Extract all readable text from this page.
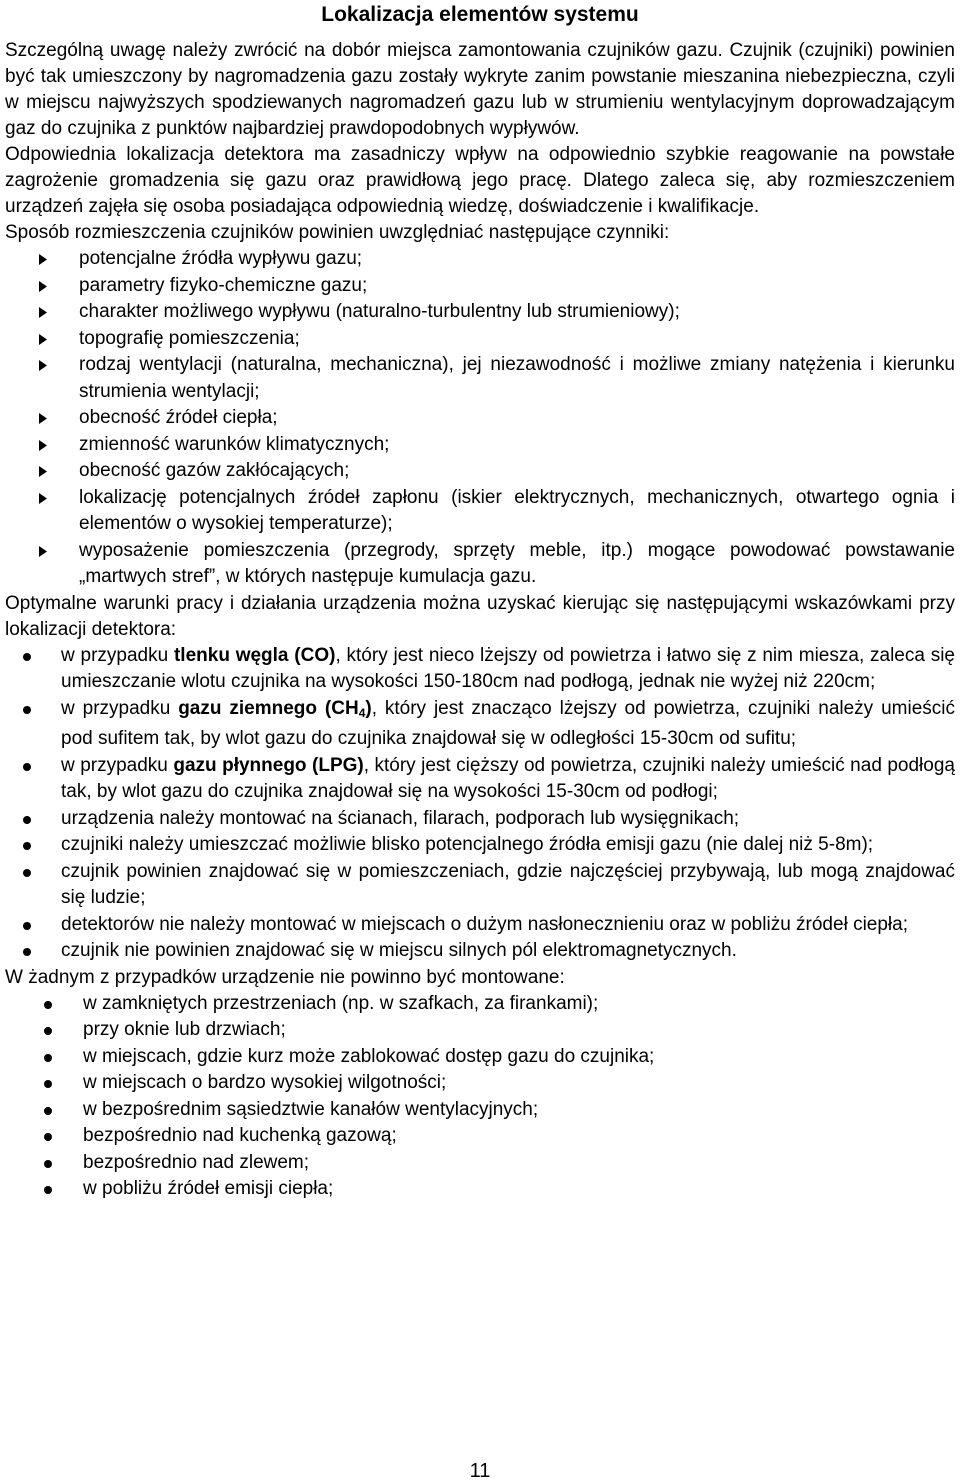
Lokalizacja elementów systemu

Szczególną uwagę należy zwrócić na dobór miejsca zamontowania czujników gazu. Czujnik (czujniki) powinien być tak umieszczony by nagromadzenia gazu zostały wykryte zanim powstanie mieszanina niebezpieczna, czyli w miejscu najwyższych spodziewanych nagromadzeń gazu lub w strumieniu wentylacyjnym doprowadzającym gaz do czujnika z punktów najbardziej prawdopodobnych wypływów.

Odpowiednia lokalizacja detektora ma zasadniczy wpływ na odpowiednio szybkie reagowanie na powstałe zagrożenie gromadzenia się gazu oraz prawidłową jego pracę. Dlatego zaleca się, aby rozmieszczeniem urządzeń zajęła się osoba posiadająca odpowiednią wiedzę, doświadczenie i kwalifikacje.

Sposób rozmieszczenia czujników powinien uwzględniać następujące czynniki:

potencjalne źródła wypływu gazu;
parametry fizyko-chemiczne gazu;
charakter możliwego wypływu (naturalno-turbulentny lub strumieniowy);
topografię pomieszczenia;
rodzaj wentylacji (naturalna, mechaniczna), jej niezawodność i możliwe zmiany natężenia i kierunku strumienia wentylacji;
obecność źródeł ciepła;
zmienność warunków klimatycznych;
obecność gazów zakłócających;
lokalizację potencjalnych źródeł zapłonu (iskier elektrycznych, mechanicznych, otwartego ognia i elementów o wysokiej temperaturze);
wyposażenie pomieszczenia (przegrody, sprzęty meble, itp.) mogące powodować powstawanie „martwych stref”, w których następuje kumulacja gazu.

Optymalne warunki pracy i działania urządzenia można uzyskać kierując się następującymi wskazówkami przy lokalizacji detektora:

w przypadku tlenku węgla (CO), który jest nieco lżejszy od powietrza i łatwo się z nim miesza, zaleca się umieszczanie wlotu czujnika na wysokości 150-180cm nad podłogą, jednak nie wyżej niż 220cm;
w przypadku gazu ziemnego $(CH_4)$, który jest znacząco lżejszy od powietrza, czujniki należy umieścić pod sufitem tak, by wlot gazu do czujnika znajdował się w odległości 15-30cm od sufitu;
w przypadku gazu płynnego (LPG), który jest cięższy od powietrza, czujniki należy umieścić nad podłogą tak, by wlot gazu do czujnika znajdował się na wysokości 15-30cm od podłogi;
urządzenia należy montować na ścianach, filarach, podporach lub wysięgnikach;
czujniki należy umieszczać możliwie blisko potencjalnego źródła emisji gazu (nie dalej niż 5-8m);
czujnik powinien znajdować się w pomieszczeniach, gdzie najczęściej przybywają, lub mogą znajdować się ludzie;
detektorów nie należy montować w miejscach o dużym nasłonecznieniu oraz w pobliżu źródeł ciepła;
czujnik nie powinien znajdować się w miejscu silnych pól elektromagnetycznych.

W żadnym z przypadków urządzenie nie powinno być montowane:

w zamkniętych przestrzeniach (np. w szafkach, za firankami);
przy oknie lub drzwiach;
w miejscach, gdzie kurz może zablokować dostęp gazu do czujnika;
w miejscach o bardzo wysokiej wilgotności;
w bezpośrednim sąsiedztwie kanałów wentylacyjnych;
bezpośrednio nad kuchenką gazową;
bezpośrednio nad zlewem;
w pobliżu źródeł emisji ciepła;
11
